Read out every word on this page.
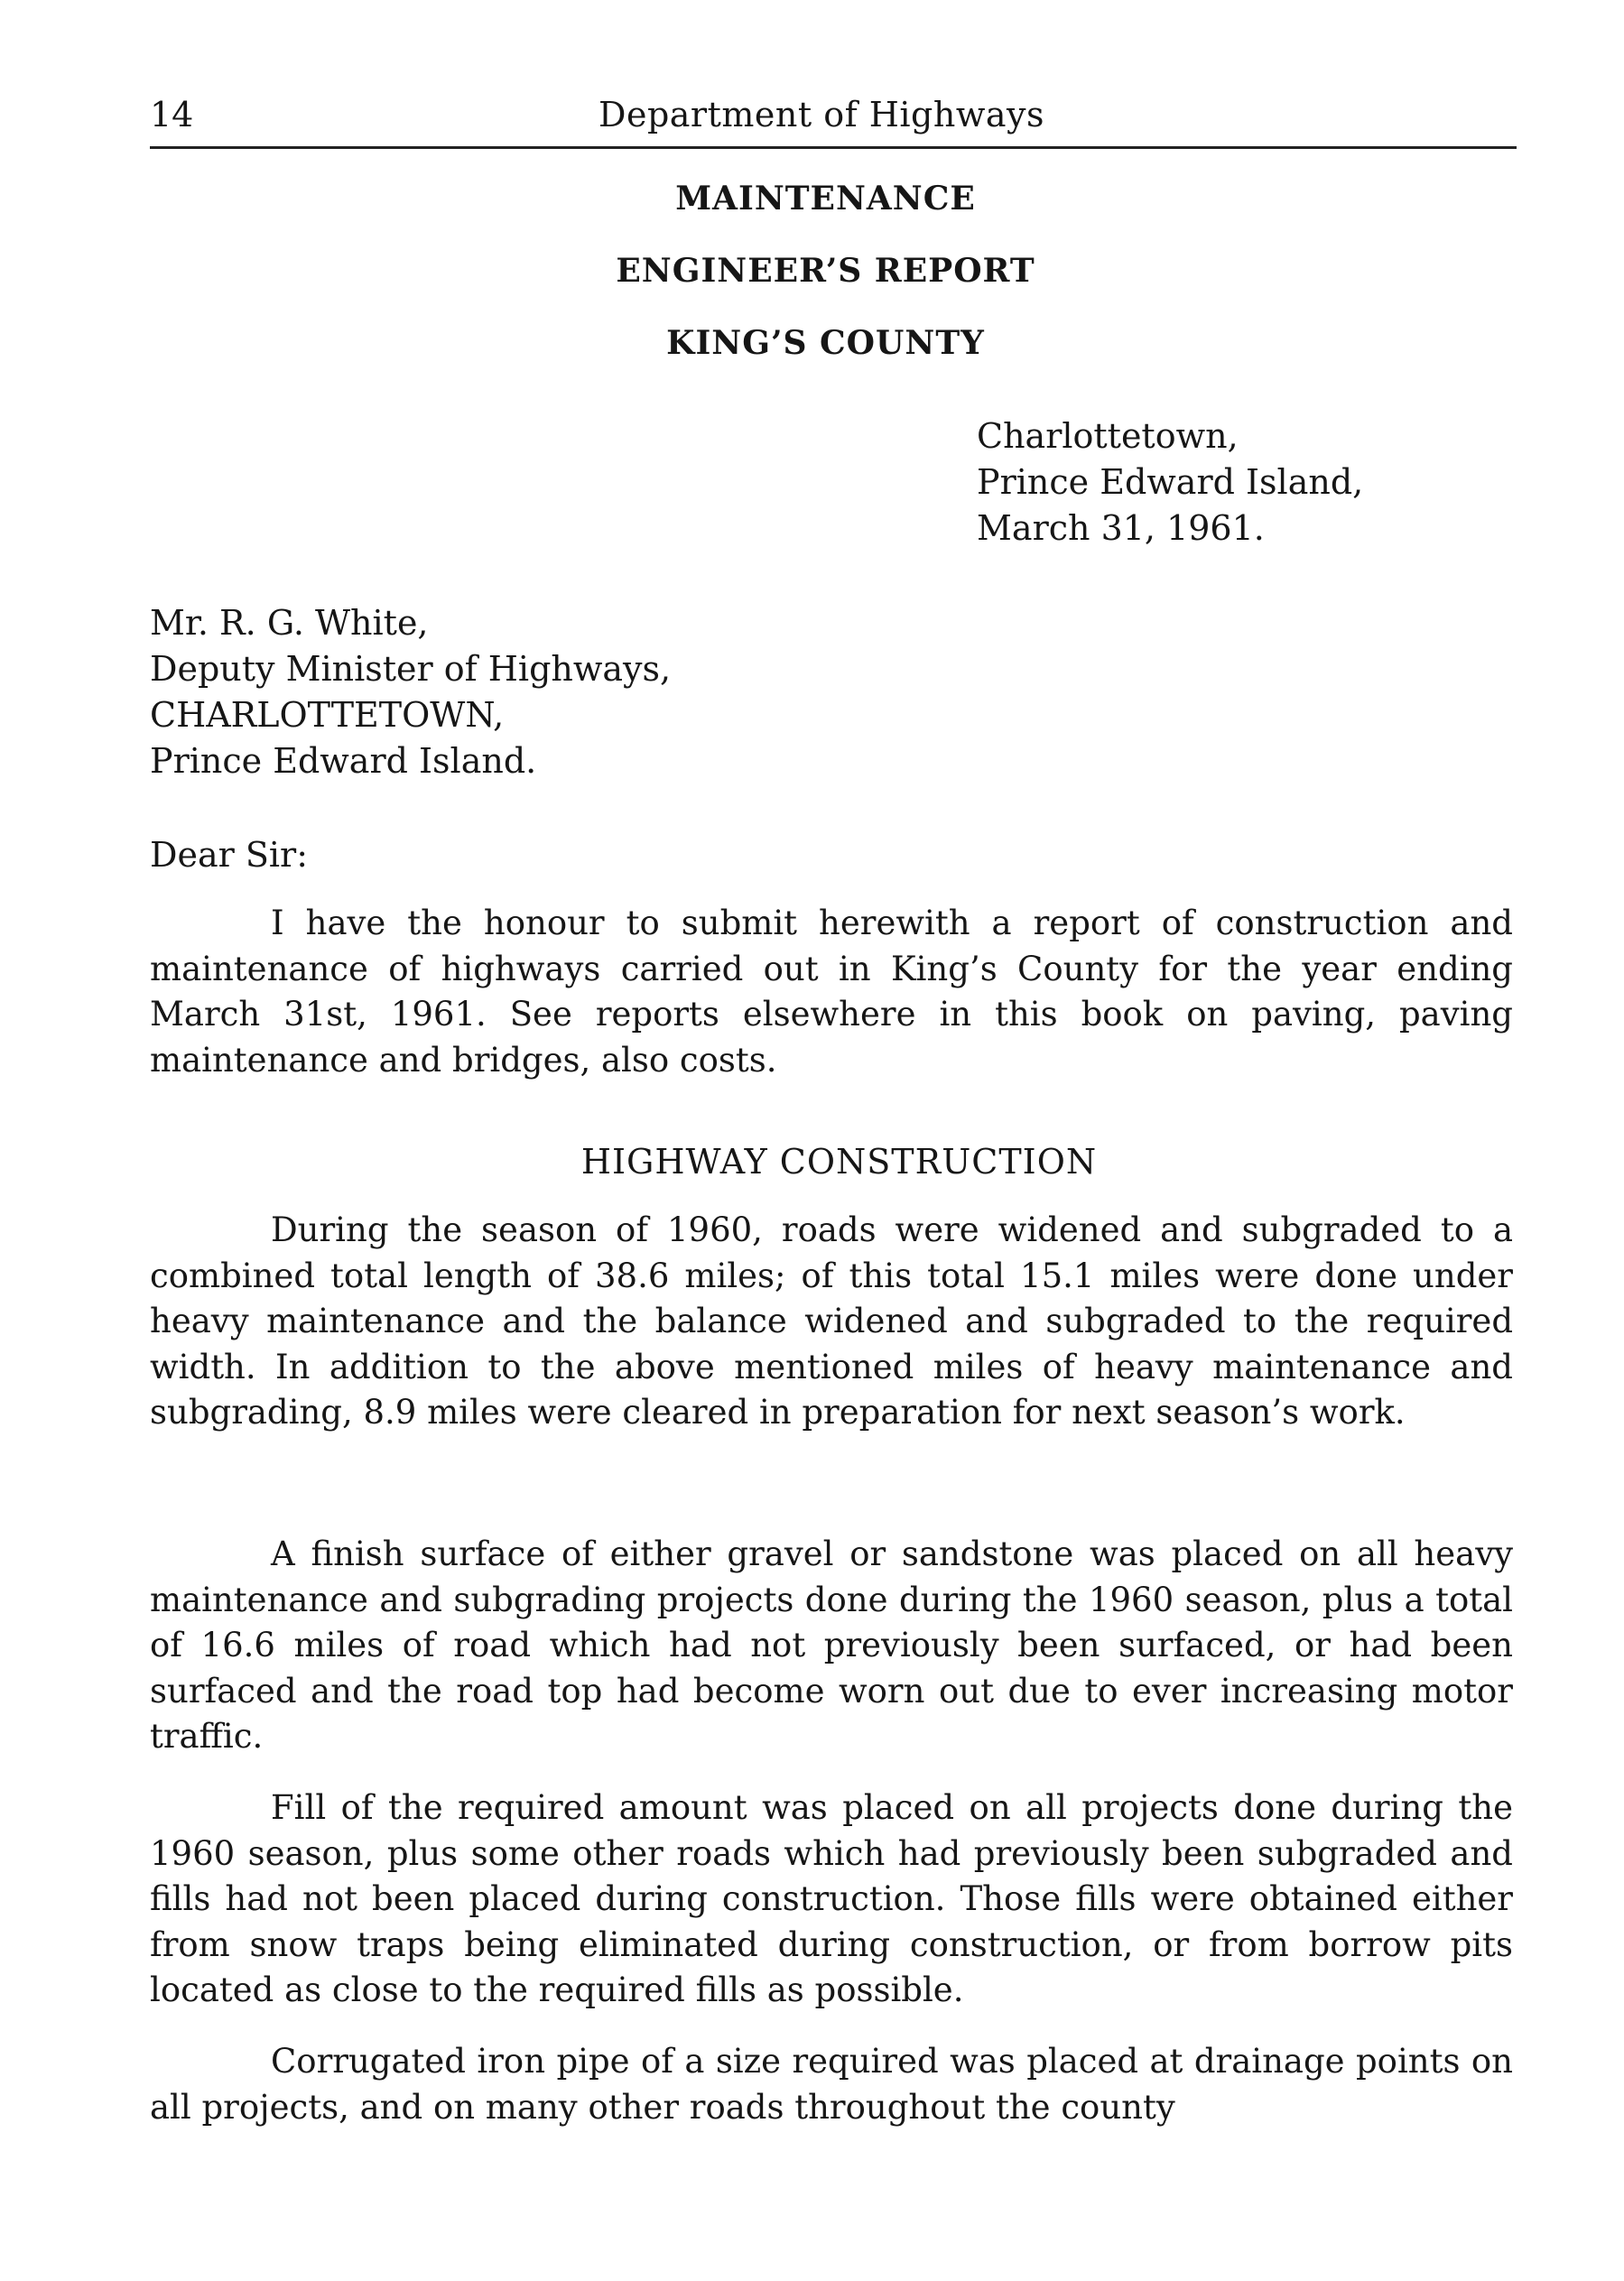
14	Department of Highways
MAINTENANCE
ENGINEER’S REPORT
KING’S COUNTY
Charlottetown,
Prince Edward Island,
March 31, 1961.
Mr. R. G. White,
Deputy Minister of Highways,
CHARLOTTETOWN,
Prince Edward Island.
Dear Sir:

I have the honour to submit herewith a report of construction and maintenance of highways carried out in King’s County for the year ending March 31st, 1961. See reports elsewhere in this book on paving, paving maintenance and bridges, also costs.

HIGHWAY CONSTRUCTION

During the season of 1960, roads were widened and subgraded to a combined total length of 38.6 miles; of this total 15.1 miles were done under heavy maintenance and the balance widened and subgraded to the required width. In addition to the above mentioned miles of heavy maintenance and subgrading, 8.9 miles were cleared in preparation for next season’s work.

A finish surface of either gravel or sandstone was placed on all heavy maintenance and subgrading projects done during the 1960 season, plus a total of 16.6 miles of road which had not previously been surfaced, or had been surfaced and the road top had become worn out due to ever increasing motor traffic.

Fill of the required amount was placed on all projects done during the 1960 season, plus some other roads which had previously been subgraded and fills had not been placed during construction. Those fills were obtained either from snow traps being eliminated during construction, or from borrow pits located as close to the required fills as possible.

Corrugated iron pipe of a size required was placed at drainage points on all projects, and on many other roads throughout the county
